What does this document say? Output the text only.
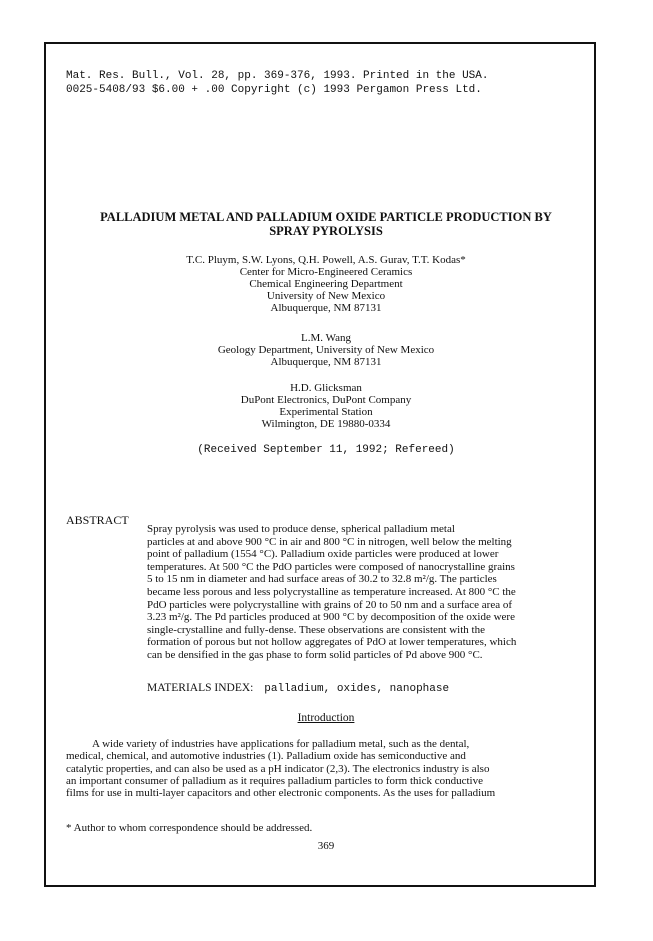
Mat. Res. Bull., Vol. 28, pp. 369-376, 1993. Printed in the USA.
0025-5408/93 $6.00 + .00 Copyright (c) 1993 Pergamon Press Ltd.
PALLADIUM METAL AND PALLADIUM OXIDE PARTICLE PRODUCTION BY
SPRAY PYROLYSIS
T.C. Pluym, S.W. Lyons, Q.H. Powell, A.S. Gurav, T.T. Kodas*
Center for Micro-Engineered Ceramics
Chemical Engineering Department
University of New Mexico
Albuquerque, NM 87131
L.M. Wang
Geology Department, University of New Mexico
Albuquerque, NM 87131
H.D. Glicksman
DuPont Electronics, DuPont Company
Experimental Station
Wilmington, DE 19880-0334
(Received September 11, 1992; Refereed)
ABSTRACT
Spray pyrolysis was used to produce dense, spherical palladium metal
particles at and above 900 °C in air and 800 °C in nitrogen, well below the melting
point of palladium (1554 °C). Palladium oxide particles were produced at lower
temperatures. At 500 °C the PdO particles were composed of nanocrystalline grains
5 to 15 nm in diameter and had surface areas of 30.2 to 32.8 m²/g. The particles
became less porous and less polycrystalline as temperature increased. At 800 °C the
PdO particles were polycrystalline with grains of 20 to 50 nm and a surface area of
3.23 m²/g. The Pd particles produced at 900 °C by decomposition of the oxide were
single-crystalline and fully-dense. These observations are consistent with the
formation of porous but not hollow aggregates of PdO at lower temperatures, which
can be densified in the gas phase to form solid particles of Pd above 900 °C.
MATERIALS INDEX: palladium, oxides, nanophase
Introduction
A wide variety of industries have applications for palladium metal, such as the dental,
medical, chemical, and automotive industries (1). Palladium oxide has semiconductive and
catalytic properties, and can also be used as a pH indicator (2,3). The electronics industry is also
an important consumer of palladium as it requires palladium particles to form thick conductive
films for use in multi-layer capacitors and other electronic components. As the uses for palladium
* Author to whom correspondence should be addressed.
369
